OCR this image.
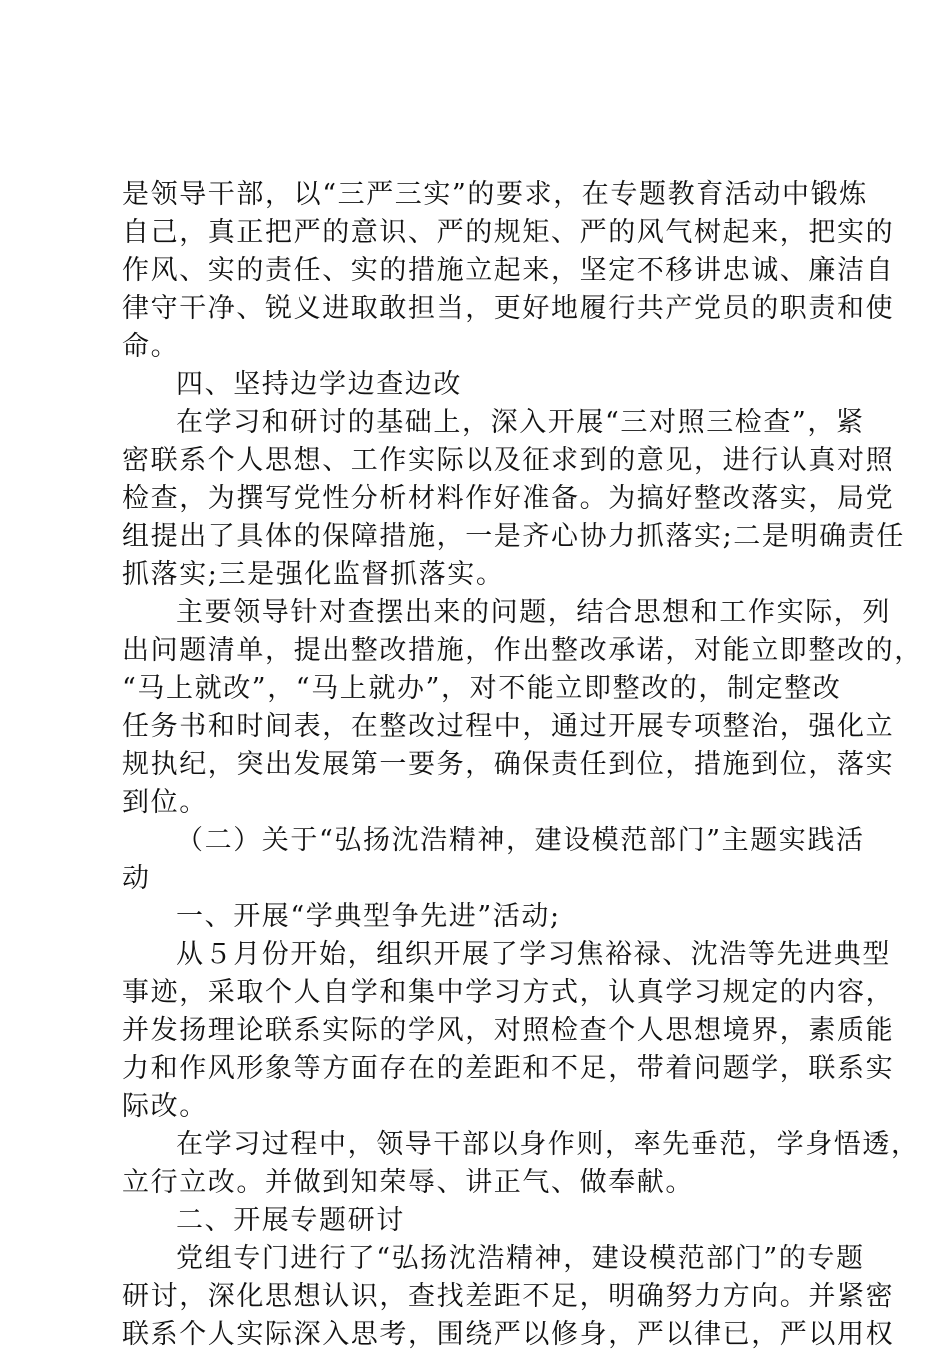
是领导干部，以“三严三实”的要求，在专题教育活动中锻炼
自己，真正把严的意识、严的规矩、严的风气树起来，把实的
作风、实的责任、实的措施立起来，坚定不移讲忠诚、廉洁自
律守干净、锐义进取敢担当，更好地履行共产党员的职责和使
命。
四、坚持边学边查边改
在学习和研讨的基础上，深入开展“三对照三检查”，紧
密联系个人思想、工作实际以及征求到的意见，进行认真对照
检查，为撰写党性分析材料作好准备。为搞好整改落实，局党
组提出了具体的保障措施，一是齐心协力抓落实;二是明确责任
抓落实;三是强化监督抓落实。
主要领导针对查摆出来的问题，结合思想和工作实际，列
出问题清单，提出整改措施，作出整改承诺，对能立即整改的，
“马上就改”，“马上就办”，对不能立即整改的，制定整改
任务书和时间表，在整改过程中，通过开展专项整治，强化立
规执纪，突出发展第一要务，确保责任到位，措施到位，落实
到位。
（二）关于“弘扬沈浩精神，建设模范部门”主题实践活
动
一、开展“学典型争先进”活动;
从５月份开始，组织开展了学习焦裕禄、沈浩等先进典型
事迹，采取个人自学和集中学习方式，认真学习规定的内容，
并发扬理论联系实际的学风，对照检查个人思想境界，素质能
力和作风形象等方面存在的差距和不足，带着问题学，联系实
际改。
在学习过程中，领导干部以身作则，率先垂范，学身悟透，
立行立改。并做到知荣辱、讲正气、做奉献。
二、开展专题研讨
党组专门进行了“弘扬沈浩精神，建设模范部门”的专题
研讨，深化思想认识，查找差距不足，明确努力方向。并紧密
联系个人实际深入思考，围绕严以修身，严以律已，严以用权
